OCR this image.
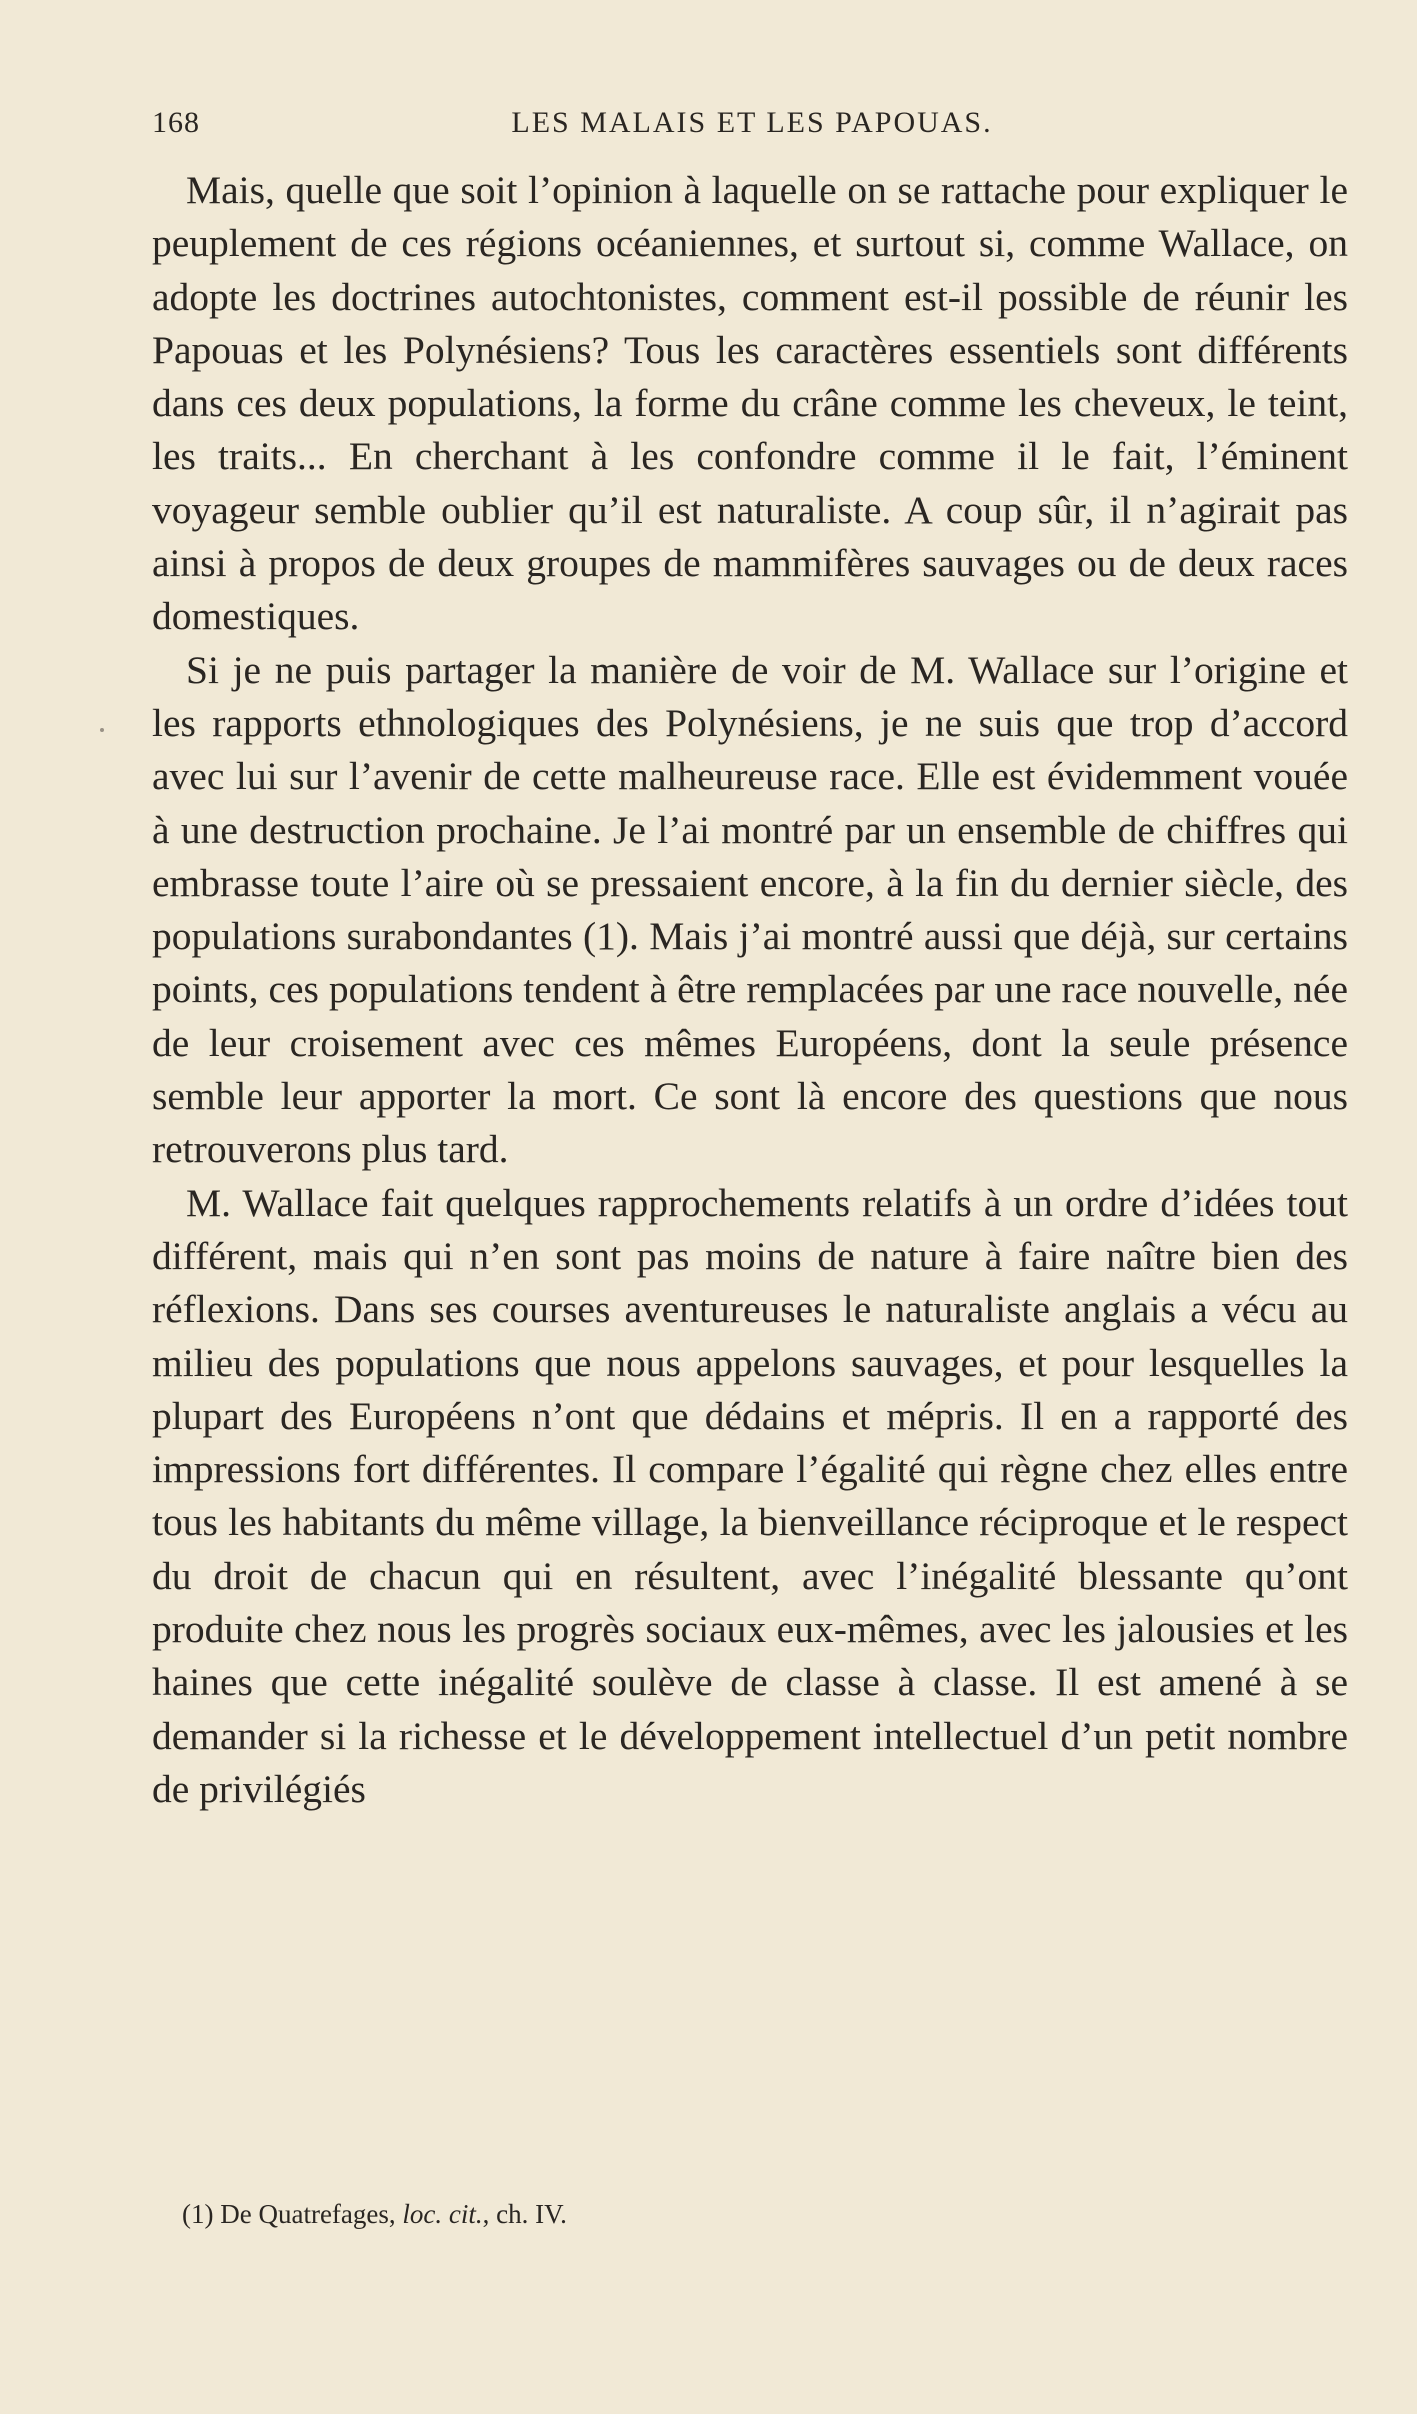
168	LES MALAIS ET LES PAPOUAS.

Mais, quelle que soit l’opinion à laquelle on se rattache pour expliquer le peuplement de ces régions océaniennes, et surtout si, comme Wallace, on adopte les doctrines autochtonistes, comment est-il possible de réunir les Papouas et les Polynésiens? Tous les caractères essentiels sont différents dans ces deux populations, la forme du crâne comme les cheveux, le teint, les traits... En cherchant à les confondre comme il le fait, l’éminent voyageur semble oublier qu’il est naturaliste. A coup sûr, il n’agirait pas ainsi à propos de deux groupes de mammifères sauvages ou de deux races domestiques.

Si je ne puis partager la manière de voir de M. Wallace sur l’origine et les rapports ethnologiques des Polynésiens, je ne suis que trop d’accord avec lui sur l’avenir de cette malheureuse race. Elle est évidemment vouée à une destruction prochaine. Je l’ai montré par un ensemble de chiffres qui embrasse toute l’aire où se pressaient encore, à la fin du dernier siècle, des populations surabondantes (1). Mais j’ai montré aussi que déjà, sur certains points, ces populations tendent à être remplacées par une race nouvelle, née de leur croisement avec ces mêmes Européens, dont la seule présence semble leur apporter la mort. Ce sont là encore des questions que nous retrouverons plus tard.

M. Wallace fait quelques rapprochements relatifs à un ordre d’idées tout différent, mais qui n’en sont pas moins de nature à faire naître bien des réflexions. Dans ses courses aventureuses le naturaliste anglais a vécu au milieu des populations que nous appelons sauvages, et pour lesquelles la plupart des Européens n’ont que dédains et mépris. Il en a rapporté des impressions fort différentes. Il compare l’égalité qui règne chez elles entre tous les habitants du même village, la bienveillance réciproque et le respect du droit de chacun qui en résultent, avec l’inégalité blessante qu’ont produite chez nous les progrès sociaux eux-mêmes, avec les jalousies et les haines que cette inégalité soulève de classe à classe. Il est amené à se demander si la richesse et le développement intellectuel d’un petit nombre de privilégiés

(1) De Quatrefages, loc. cit., ch. IV.
